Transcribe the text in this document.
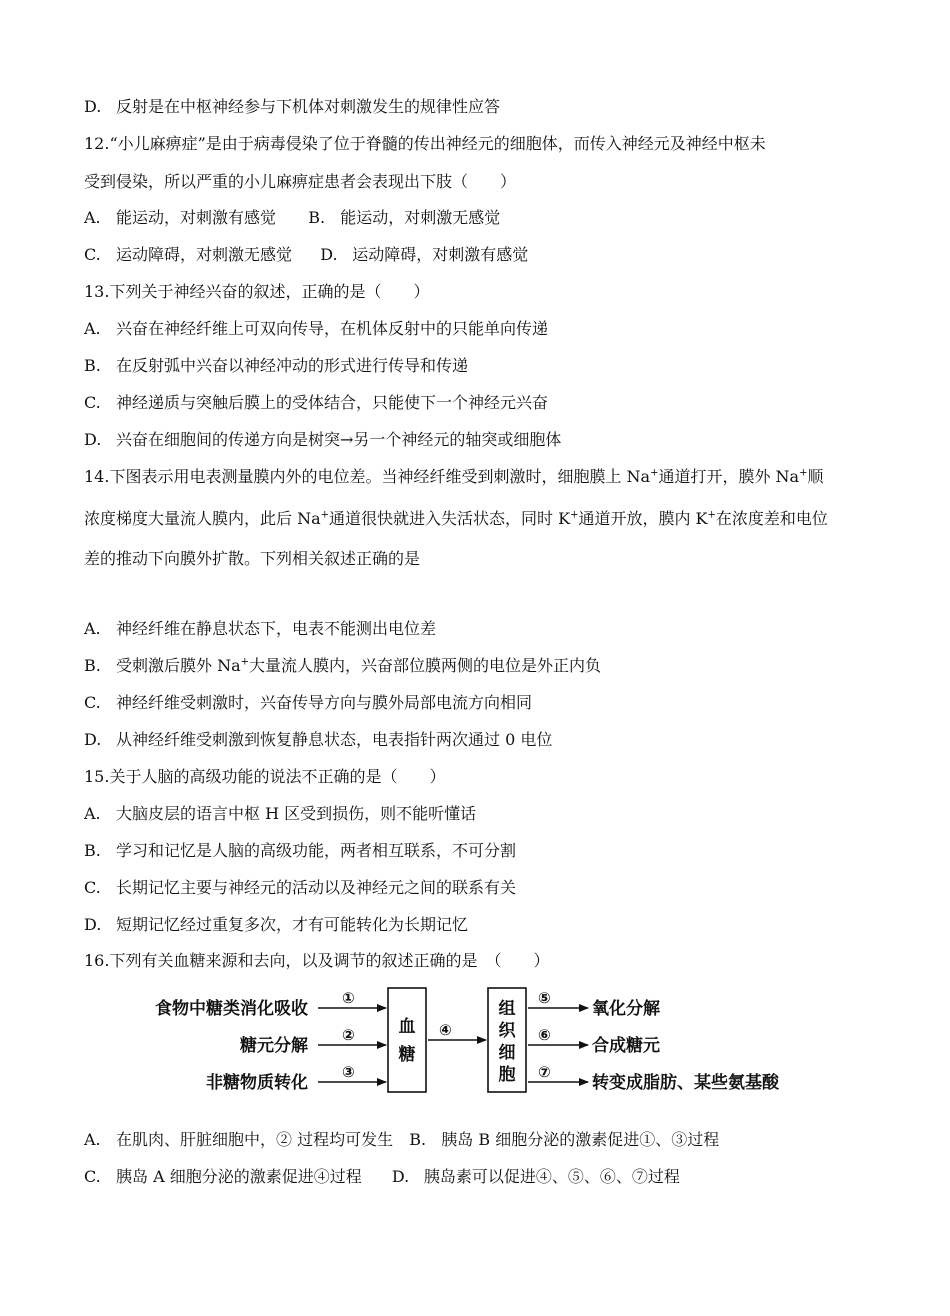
D. 反射是在中枢神经参与下机体对刺激发生的规律性应答
12.“小儿麻痹症”是由于病毒侵染了位于脊髓的传出神经元的细胞体，而传入神经元及神经中枢未
受到侵染，所以严重的小儿麻痹症患者会表现出下肢（　　）
A. 能运动，对刺激有感觉 B. 能运动，对刺激无感觉
C. 运动障碍，对刺激无感觉 D. 运动障碍，对刺激有感觉
13.下列关于神经兴奋的叙述，正确的是（　　）
A. 兴奋在神经纤维上可双向传导，在机体反射中的只能单向传递
B. 在反射弧中兴奋以神经冲动的形式进行传导和传递
C. 神经递质与突触后膜上的受体结合，只能使下一个神经元兴奋
D. 兴奋在细胞间的传递方向是树突→另一个神经元的轴突或细胞体
14.下图表示用电表测量膜内外的电位差。当神经纤维受到刺激时，细胞膜上 Na+通道打开，膜外 Na+顺
浓度梯度大量流人膜内，此后 Na+通道很快就进入失活状态，同时 K+通道开放，膜内 K+在浓度差和电位
差的推动下向膜外扩散。下列相关叙述正确的是
A. 神经纤维在静息状态下，电表不能测出电位差
B. 受刺激后膜外 Na+大量流人膜内，兴奋部位膜两侧的电位是外正内负
C. 神经纤维受刺激时，兴奋传导方向与膜外局部电流方向相同
D. 从神经纤维受刺激到恢复静息状态，电表指针两次通过 0 电位
15.关于人脑的高级功能的说法不正确的是（　　）
A. 大脑皮层的语言中枢 H 区受到损伤，则不能听懂话
B. 学习和记忆是人脑的高级功能，两者相互联系，不可分割
C. 长期记忆主要与神经元的活动以及神经元之间的联系有关
D. 短期记忆经过重复多次，才有可能转化为长期记忆
16.下列有关血糖来源和去向，以及调节的叙述正确的是　（　　）
食物中糖类消化吸收
糖元分解
非糖物质转化
①
②
③
血
糖
④
组
织
细
胞
⑤
⑥
⑦
氧化分解
合成糖元
转变成脂肪、某些氨基酸
A. 在肌肉、肝脏细胞中，② 过程均可发生 B. 胰岛 B 细胞分泌的激素促进①、③过程
C. 胰岛 A 细胞分泌的激素促进④过程 D. 胰岛素可以促进④、⑤、⑥、⑦过程
